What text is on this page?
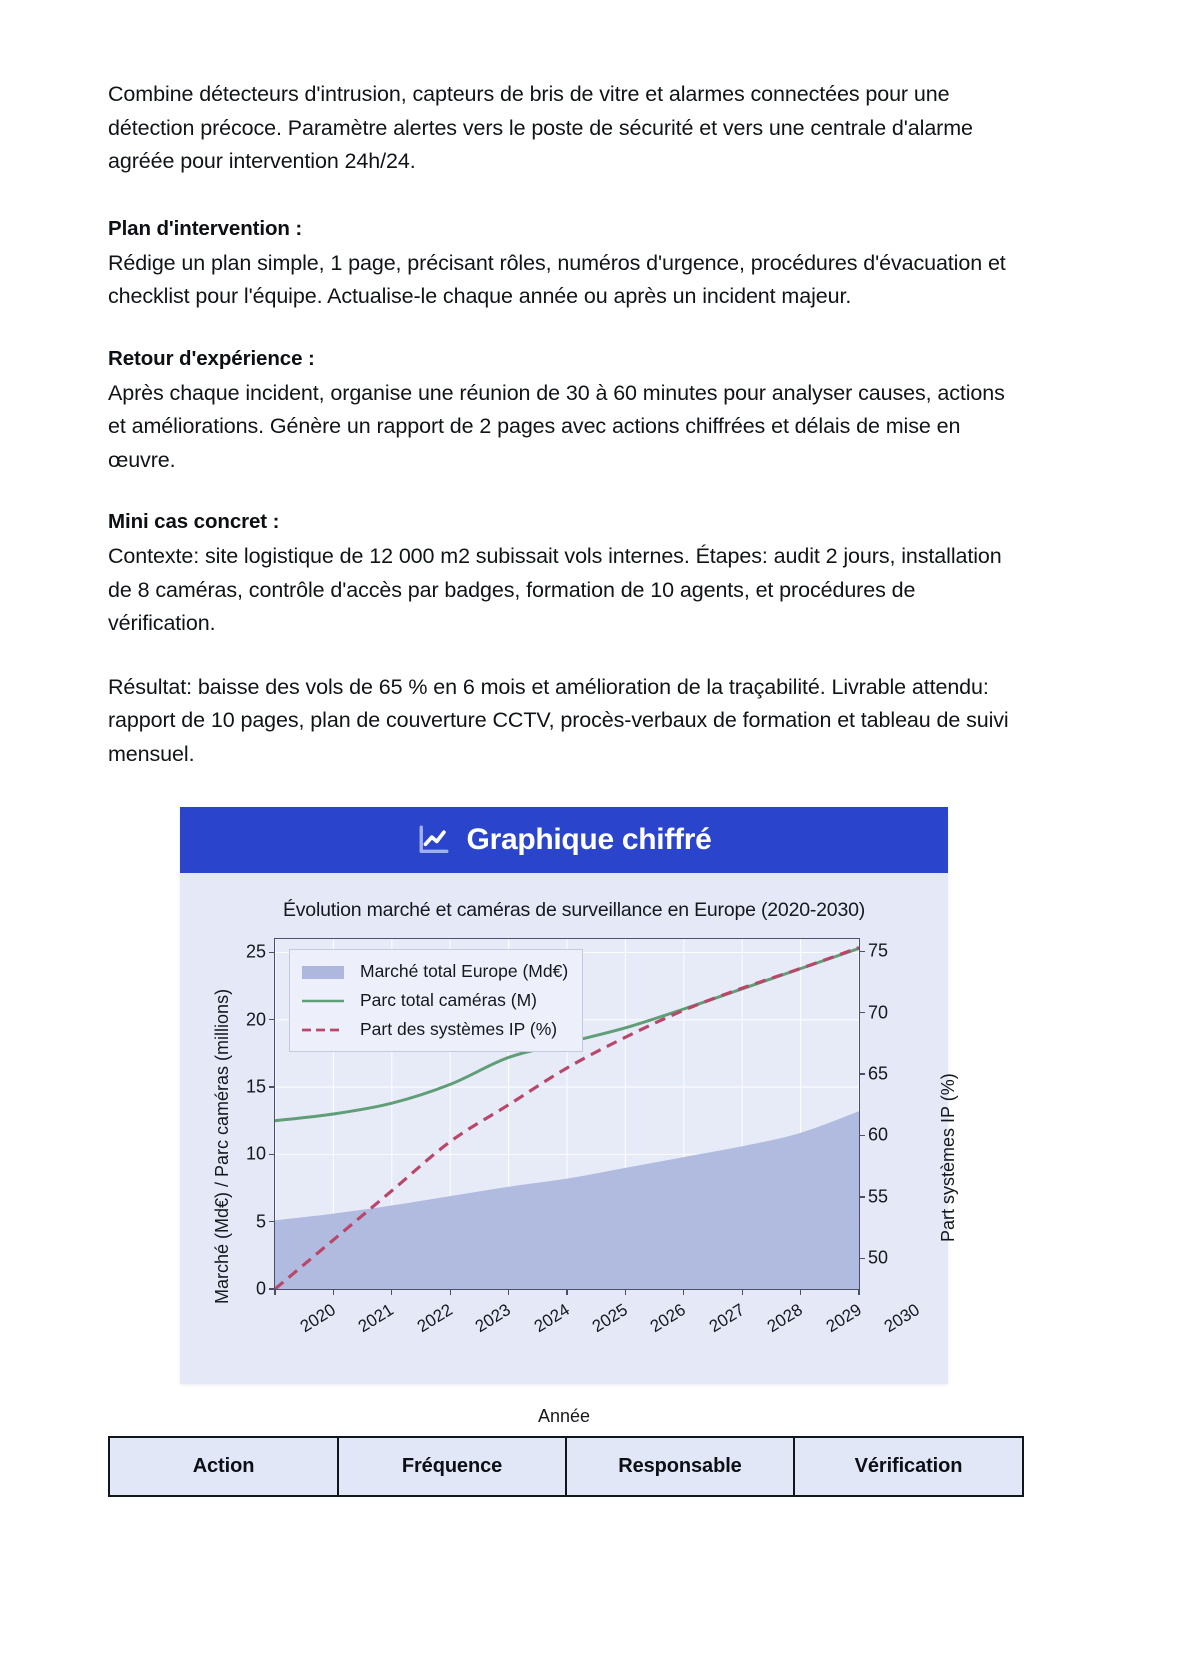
Combine détecteurs d'intrusion, capteurs de bris de vitre et alarmes connectées pour une détection précoce. Paramètre alertes vers le poste de sécurité et vers une centrale d'alarme agréée pour intervention 24h/24.

Plan d'intervention :

Rédige un plan simple, 1 page, précisant rôles, numéros d'urgence, procédures d'évacuation et checklist pour l'équipe. Actualise-le chaque année ou après un incident majeur.

Retour d'expérience :

Après chaque incident, organise une réunion de 30 à 60 minutes pour analyser causes, actions et améliorations. Génère un rapport de 2 pages avec actions chiffrées et délais de mise en œuvre.

Mini cas concret :

Contexte: site logistique de 12 000 m2 subissait vols internes. Étapes: audit 2 jours, installation de 8 caméras, contrôle d'accès par badges, formation de 10 agents, et procédures de vérification.

Résultat: baisse des vols de 65 % en 6 mois et amélioration de la traçabilité. Livrable attendu: rapport de 10 pages, plan de couverture CCTV, procès-verbaux de formation et tableau de suivi mensuel.

Graphique chiffré
Évolution marché et caméras de surveillance en Europe (2020-2030)
Marché (Md€) / Parc caméras (millions)	Part systèmes IP (%)
Année
Marché total Europe (Md€)
Parc total caméras (M)
Part des systèmes IP (%)
0
5
10
15
20
25
50
55
60
65
70
75
2020 2021 2022 2023 2024 2025 2026 2027 2028 2029 2030
Action	Fréquence	Responsable	Vérification
